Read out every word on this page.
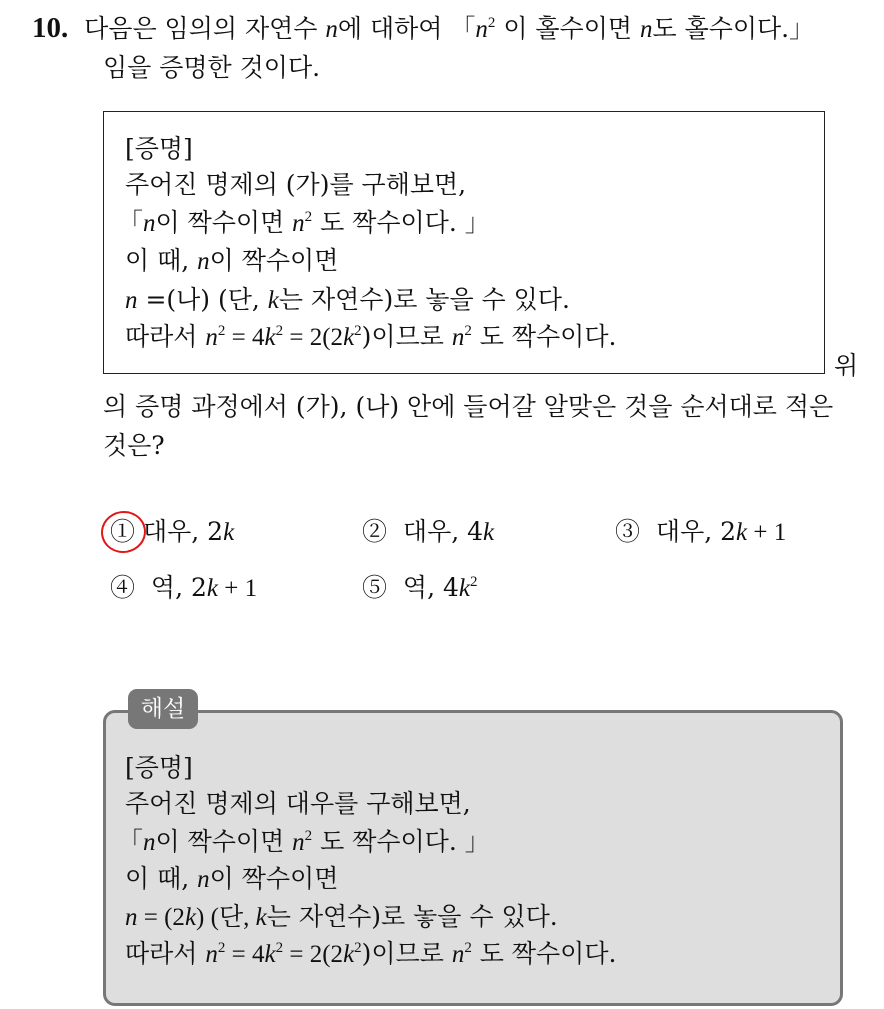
10. 다음은 임의의 자연수 n에 대하여 「$n^2$ 이 홀수이면 n도 홀수이다.」
임을 증명한 것이다.
[증명]
주어진 명제의 (가)를 구해보면,
「n이 짝수이면 $n^2$ 도 짝수이다. 」
이 때, n이 짝수이면
n =(나) (단, k는 자연수)로 놓을 수 있다.
따라서 $n^2 = 4k^2 = 2(2k^2)$이므로 $n^2$ 도 짝수이다.
위
의 증명 과정에서 (가), (나) 안에 들어갈 알맞은 것을 순서대로 적은
것은?
① 대우, 2k	② 대우, 4k	③ 대우, 2k + 1
④ 역, 2k + 1	⑤ 역, $4k^2$
해설
[증명]
주어진 명제의 대우를 구해보면,
「n이 짝수이면 $n^2$ 도 짝수이다. 」
이 때, n이 짝수이면
n = (2k) (단, k는 자연수)로 놓을 수 있다.
따라서 $n^2 = 4k^2 = 2(2k^2)$이므로 $n^2$ 도 짝수이다.
